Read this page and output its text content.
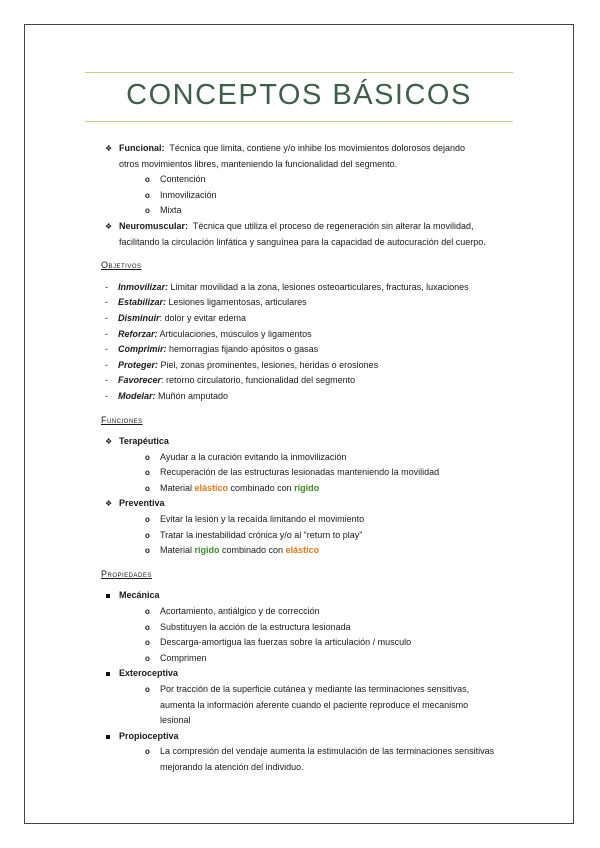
CONCEPTOS BÁSICOS
❖ Funcional: Técnica que limita, contiene y/o inhibe los movimientos dolorosos dejando
otros movimientos libres, manteniendo la funcionalidad del segmento.
o Contención
o Inmovilización
o Mixta
❖ Neuromuscular: Técnica que utiliza el proceso de regeneración sin alterar la movilidad,
facilitando la circulación linfática y sanguínea para la capacidad de autocuración del cuerpo.
Objetivos
- Inmovilizar: Limitar movilidad a la zona, lesiones osteoarticulares, fracturas, luxaciones
- Estabilizar: Lesiones ligamentosas, articulares
- Disminuir: dolor y evitar edema
- Reforzar: Articulaciones, músculos y ligamentos
- Comprimir: hemorragias fijando apósitos o gasas
- Proteger: Piel, zonas prominentes, lesiones, heridas o erosiones
- Favorecer: retorno circulatorio, funcionalidad del segmento
- Modelar: Muñón amputado
Funciones
❖ Terapéutica
o Ayudar a la curación evitando la inmovilización
o Recuperación de las estructuras lesionadas manteniendo la movilidad
o Material elástico combinado con rígido
❖ Preventiva
o Evitar la lesión y la recaída limitando el movimiento
o Tratar la inestabilidad crónica y/o al “return to play”
o Material rígido combinado con elástico
Propiedades
Mecánica
o Acortamiento, antiálgico y de corrección
o Substituyen la acción de la estructura lesionada
o Descarga-amortigua las fuerzas sobre la articulación / musculo
o Comprimen
Exteroceptiva
o Por tracción de la superficie cutánea y mediante las terminaciones sensitivas,
aumenta la información aferente cuando el paciente reproduce el mecanismo
lesional
Propioceptiva
o La compresión del vendaje aumenta la estimulación de las terminaciones sensitivas
mejorando la atención del individuo.
